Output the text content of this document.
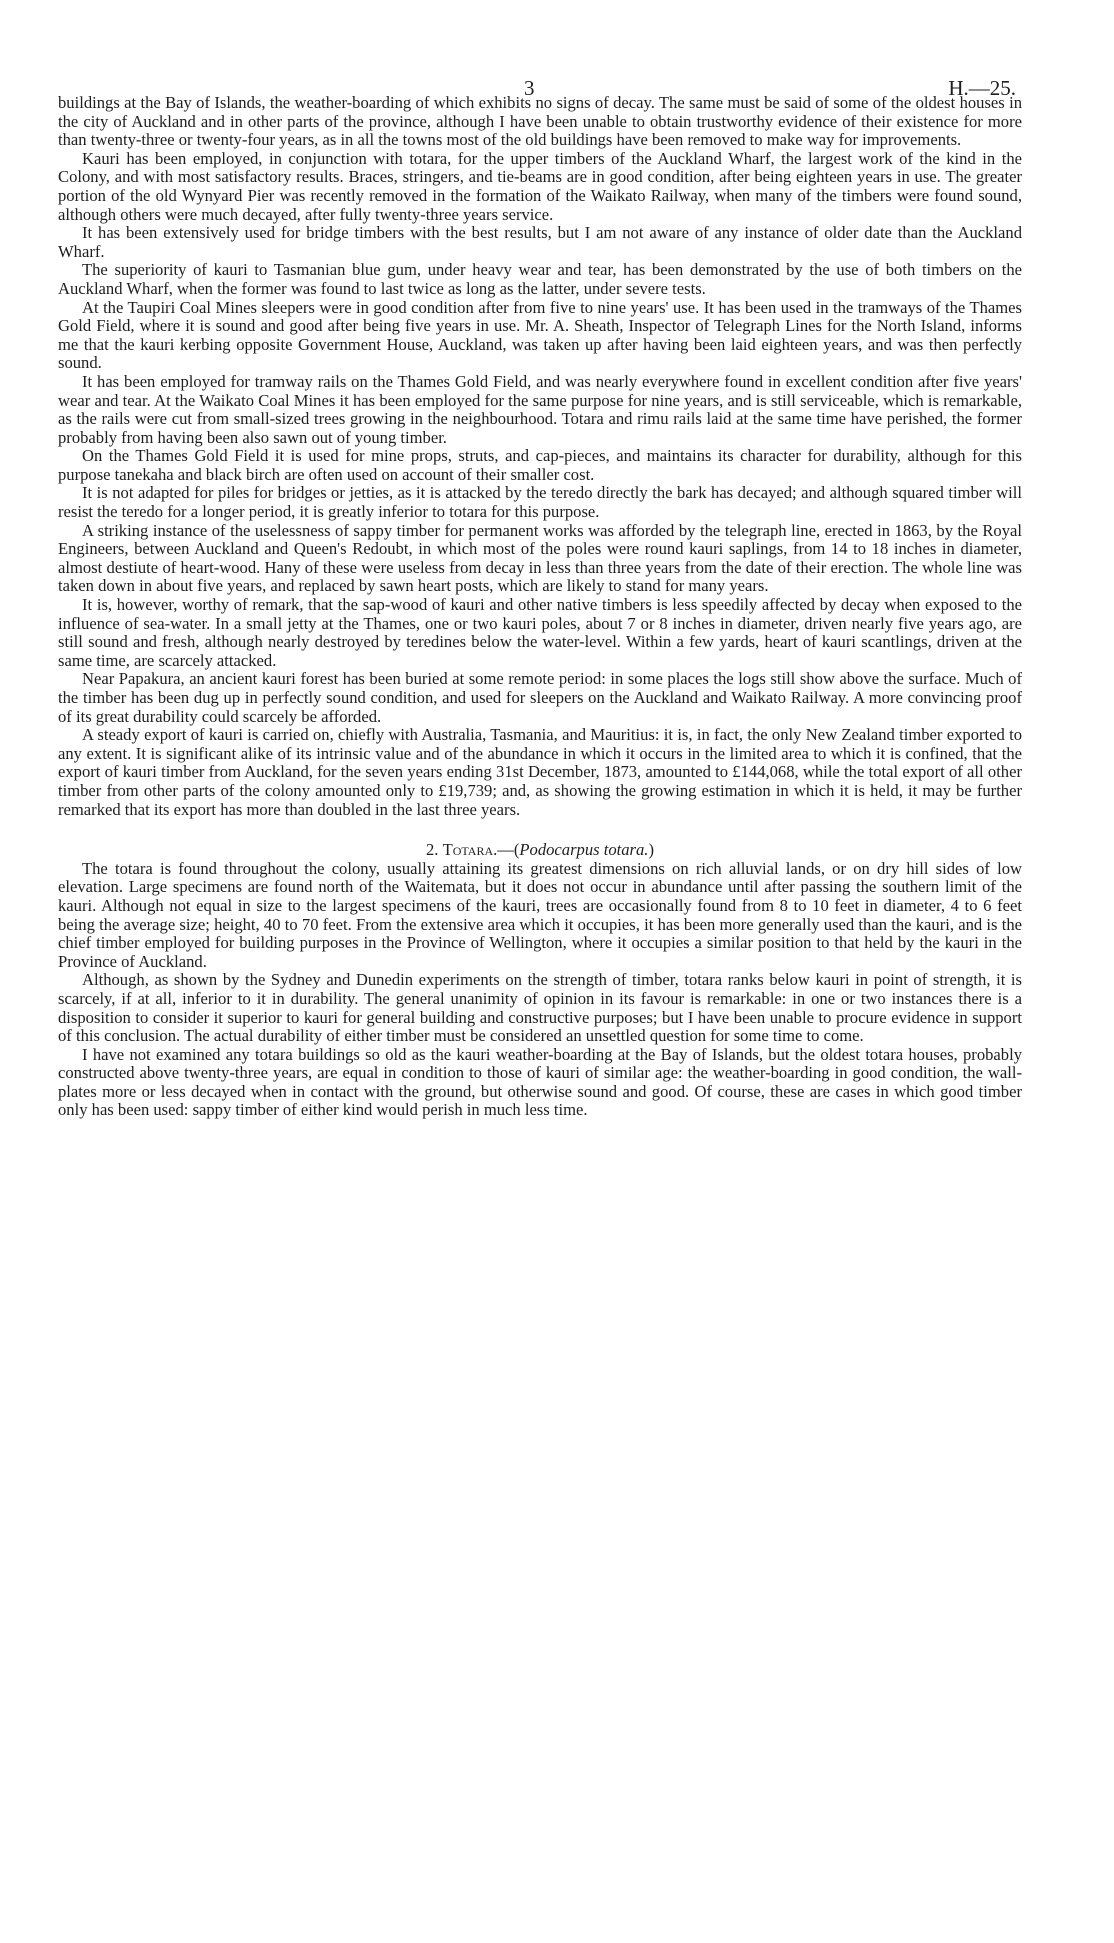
3	H.—25.

buildings at the Bay of Islands, the weather-boarding of which exhibits no signs of decay. The same must be said of some of the oldest houses in the city of Auckland and in other parts of the province, although I have been unable to obtain trustworthy evidence of their existence for more than twenty-three or twenty-four years, as in all the towns most of the old buildings have been removed to make way for improvements.

Kauri has been employed, in conjunction with totara, for the upper timbers of the Auckland Wharf, the largest work of the kind in the Colony, and with most satisfactory results. Braces, stringers, and tie-beams are in good condition, after being eighteen years in use. The greater portion of the old Wynyard Pier was recently removed in the formation of the Waikato Railway, when many of the timbers were found sound, although others were much decayed, after fully twenty-three years service.

It has been extensively used for bridge timbers with the best results, but I am not aware of any instance of older date than the Auckland Wharf.

The superiority of kauri to Tasmanian blue gum, under heavy wear and tear, has been demonstrated by the use of both timbers on the Auckland Wharf, when the former was found to last twice as long as the latter, under severe tests.

At the Taupiri Coal Mines sleepers were in good condition after from five to nine years' use. It has been used in the tramways of the Thames Gold Field, where it is sound and good after being five years in use. Mr. A. Sheath, Inspector of Telegraph Lines for the North Island, informs me that the kauri kerbing opposite Government House, Auckland, was taken up after having been laid eighteen years, and was then perfectly sound.

It has been employed for tramway rails on the Thames Gold Field, and was nearly everywhere found in excellent condition after five years' wear and tear. At the Waikato Coal Mines it has been employed for the same purpose for nine years, and is still serviceable, which is remarkable, as the rails were cut from small-sized trees growing in the neighbourhood. Totara and rimu rails laid at the same time have perished, the former probably from having been also sawn out of young timber.

On the Thames Gold Field it is used for mine props, struts, and cap-pieces, and maintains its character for durability, although for this purpose tanekaha and black birch are often used on account of their smaller cost.

It is not adapted for piles for bridges or jetties, as it is attacked by the teredo directly the bark has decayed; and although squared timber will resist the teredo for a longer period, it is greatly inferior to totara for this purpose.

A striking instance of the uselessness of sappy timber for permanent works was afforded by the telegraph line, erected in 1863, by the Royal Engineers, between Auckland and Queen's Redoubt, in which most of the poles were round kauri saplings, from 14 to 18 inches in diameter, almost destiute of heart-wood. Hany of these were useless from decay in less than three years from the date of their erection. The whole line was taken down in about five years, and replaced by sawn heart posts, which are likely to stand for many years.

It is, however, worthy of remark, that the sap-wood of kauri and other native timbers is less speedily affected by decay when exposed to the influence of sea-water. In a small jetty at the Thames, one or two kauri poles, about 7 or 8 inches in diameter, driven nearly five years ago, are still sound and fresh, although nearly destroyed by teredines below the water-level. Within a few yards, heart of kauri scantlings, driven at the same time, are scarcely attacked.

Near Papakura, an ancient kauri forest has been buried at some remote period: in some places the logs still show above the surface. Much of the timber has been dug up in perfectly sound condition, and used for sleepers on the Auckland and Waikato Railway. A more convincing proof of its great durability could scarcely be afforded.

A steady export of kauri is carried on, chiefly with Australia, Tasmania, and Mauritius: it is, in fact, the only New Zealand timber exported to any extent. It is significant alike of its intrinsic value and of the abundance in which it occurs in the limited area to which it is confined, that the export of kauri timber from Auckland, for the seven years ending 31st December, 1873, amounted to £144,068, while the total export of all other timber from other parts of the colony amounted only to £19,739; and, as showing the growing estimation in which it is held, it may be further remarked that its export has more than doubled in the last three years.

2. Totara.—(Podocarpus totara.)

The totara is found throughout the colony, usually attaining its greatest dimensions on rich alluvial lands, or on dry hill sides of low elevation. Large specimens are found north of the Waitemata, but it does not occur in abundance until after passing the southern limit of the kauri. Although not equal in size to the largest specimens of the kauri, trees are occasionally found from 8 to 10 feet in diameter, 4 to 6 feet being the average size; height, 40 to 70 feet. From the extensive area which it occupies, it has been more generally used than the kauri, and is the chief timber employed for building purposes in the Province of Wellington, where it occupies a similar position to that held by the kauri in the Province of Auckland.

Although, as shown by the Sydney and Dunedin experiments on the strength of timber, totara ranks below kauri in point of strength, it is scarcely, if at all, inferior to it in durability. The general unanimity of opinion in its favour is remarkable: in one or two instances there is a disposition to consider it superior to kauri for general building and constructive purposes; but I have been unable to procure evidence in support of this conclusion. The actual durability of either timber must be considered an unsettled question for some time to come.

I have not examined any totara buildings so old as the kauri weather-boarding at the Bay of Islands, but the oldest totara houses, probably constructed above twenty-three years, are equal in condition to those of kauri of similar age: the weather-boarding in good condition, the wall-plates more or less decayed when in contact with the ground, but otherwise sound and good. Of course, these are cases in which good timber only has been used: sappy timber of either kind would perish in much less time.
